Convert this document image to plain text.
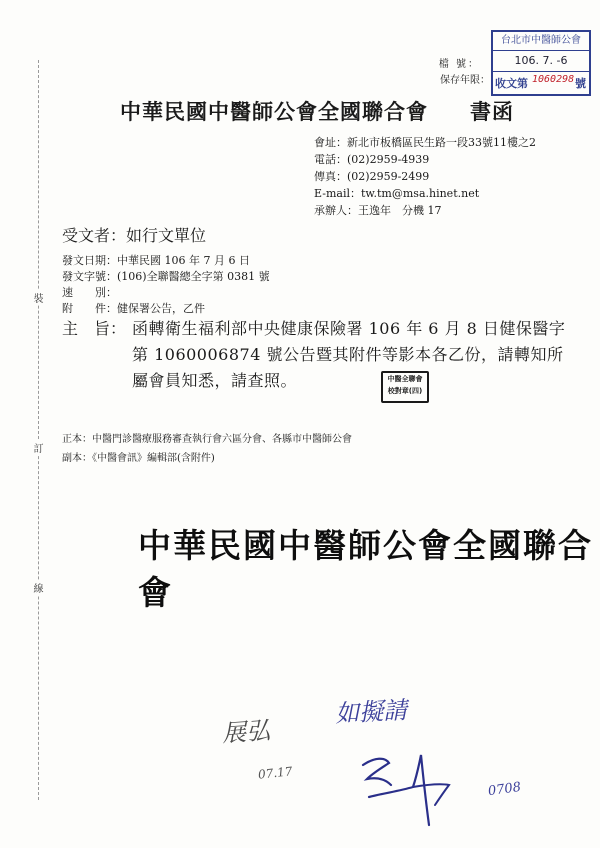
裝
訂
線
檔 號：
保存年限：
台北市中醫師公會
106. 7. -6
收文第 1060298 號
中華民國中醫師公會全國聯合會 書函
會址：新北市板橋區民生路一段33號11樓之2
電話：(02)2959-4939
傳真：(02)2959-2499
E-mail：tw.tm@msa.hinet.net
承辦人：王逸年　分機 17
受文者：如行文單位
發文日期：中華民國 106 年 7 月 6 日
發文字號：(106)全聯醫總全字第 0381 號
速　　別：
附　　件：健保署公告，乙件
主　旨： 函轉衛生福利部中央健康保險署 106 年 6 月 8 日健保醫字第 1060006874 號公告暨其附件等影本各乙份，請轉知所屬會員知悉，請查照。	中醫全聯會
校對章(四)
正本：中醫門診醫療服務審查執行會六區分會、各縣市中醫師公會
副本：《中醫會訊》編輯部(含附件)
中華民國中醫師公會全國聯合會
展弘
07.17
如擬請
0708
